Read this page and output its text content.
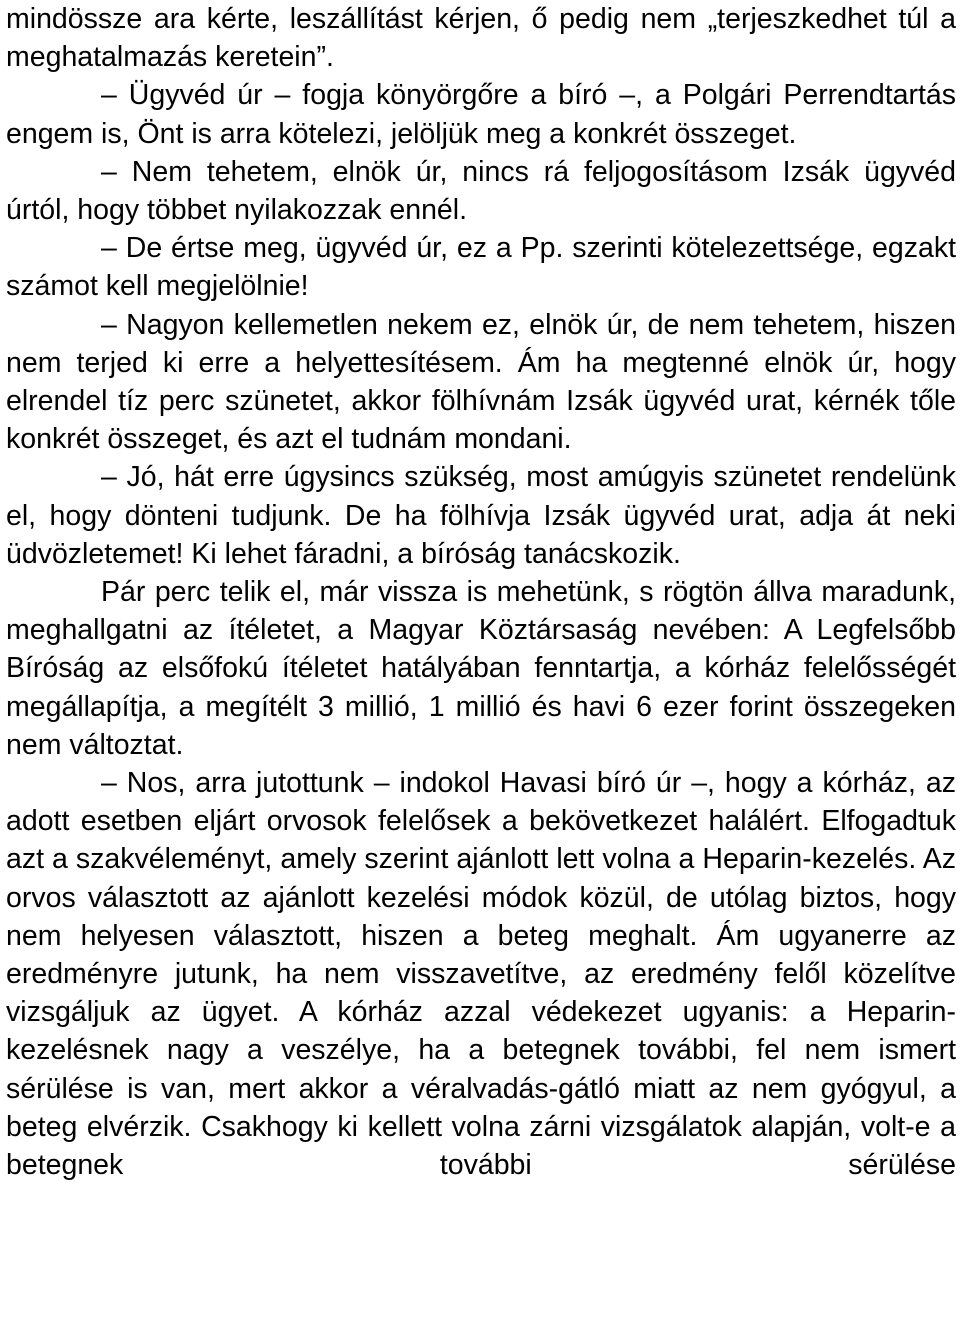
mindössze ara kérte, leszállítást kérjen, ő pedig nem „terjeszkedhet túl a meghatalmazás keretein”.

– Ügyvéd úr – fogja könyörgőre a bíró –, a Polgári Perrendtartás engem is, Önt is arra kötelezi, jelöljük meg a konkrét összeget.

– Nem tehetem, elnök úr, nincs rá feljogosításom Izsák ügyvéd úrtól, hogy többet nyilakozzak ennél.

– De értse meg, ügyvéd úr, ez a Pp. szerinti kötelezettsége, egzakt számot kell megjelölnie!

– Nagyon kellemetlen nekem ez, elnök úr, de nem tehetem, hiszen nem terjed ki erre a helyettesítésem. Ám ha megtenné elnök úr, hogy elrendel tíz perc szünetet, akkor fölhívnám Izsák ügyvéd urat, kérnék tőle konkrét összeget, és azt el tudnám mondani.

– Jó, hát erre úgysincs szükség, most amúgyis szünetet rendelünk el, hogy dönteni tudjunk. De ha fölhívja Izsák ügyvéd urat, adja át neki üdvözletemet! Ki lehet fáradni, a bíróság tanácskozik.

Pár perc telik el, már vissza is mehetünk, s rögtön állva maradunk, meghallgatni az ítéletet, a Magyar Köztársaság nevében: A Legfelsőbb Bíróság az elsőfokú ítéletet hatályában fenntartja, a kórház felelősségét megállapítja, a megítélt 3 millió, 1 millió és havi 6 ezer forint összegeken nem változtat.

– Nos, arra jutottunk – indokol Havasi bíró úr –, hogy a kórház, az adott esetben eljárt orvosok felelősek a bekövetkezet halálért. Elfogadtuk azt a szakvéleményt, amely szerint ajánlott lett volna a Heparin-kezelés. Az orvos választott az ajánlott kezelési módok közül, de utólag biztos, hogy nem helyesen választott, hiszen a beteg meghalt. Ám ugyanerre az eredményre jutunk, ha nem visszavetítve, az eredmény felől közelítve vizsgáljuk az ügyet. A kórház azzal védekezet ugyanis: a Heparin-kezelésnek nagy a veszélye, ha a betegnek további, fel nem ismert sérülése is van, mert akkor a véralvadás-gátló miatt az nem gyógyul, a beteg elvérzik. Csakhogy ki kellett volna zárni vizsgálatok alapján, volt-e a betegnek további sérülése
